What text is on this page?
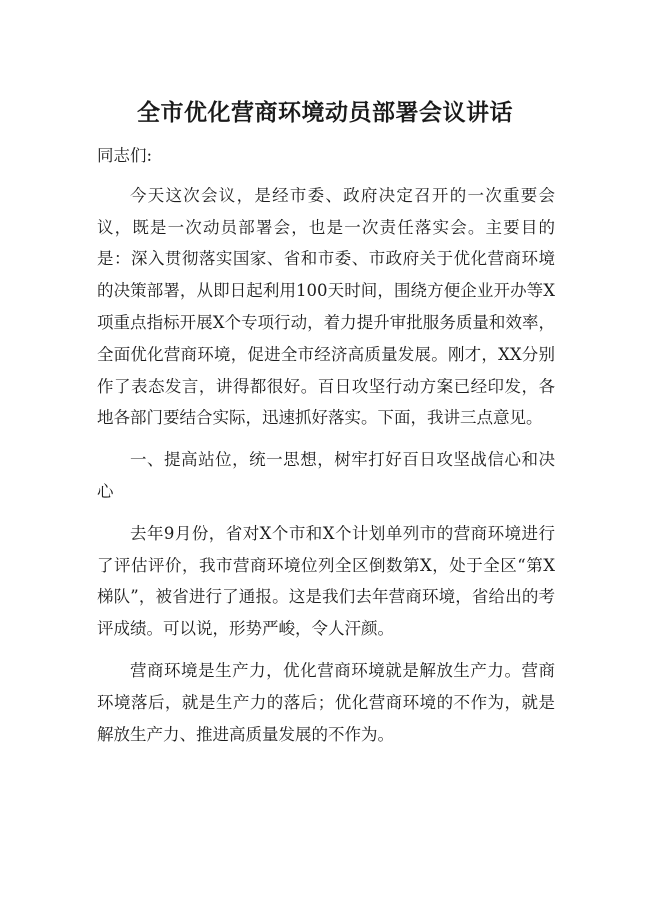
全市优化营商环境动员部署会议讲话

同志们:

今天这次会议，是经市委、政府决定召开的一次重要会议，既是一次动员部署会，也是一次责任落实会。主要目的是：深入贯彻落实国家、省和市委、市政府关于优化营商环境的决策部署，从即日起利用100天时间，围绕方便企业开办等X项重点指标开展X个专项行动，着力提升审批服务质量和效率，全面优化营商环境，促进全市经济高质量发展。刚才，XX分别作了表态发言，讲得都很好。百日攻坚行动方案已经印发，各地各部门要结合实际，迅速抓好落实。下面，我讲三点意见。

一、提高站位，统一思想，树牢打好百日攻坚战信心和决心

去年9月份，省对X个市和X个计划单列市的营商环境进行了评估评价，我市营商环境位列全区倒数第X，处于全区“第X梯队”，被省进行了通报。这是我们去年营商环境，省给出的考评成绩。可以说，形势严峻，令人汗颜。

营商环境是生产力，优化营商环境就是解放生产力。营商环境落后，就是生产力的落后；优化营商环境的不作为，就是解放生产力、推进高质量发展的不作为。
